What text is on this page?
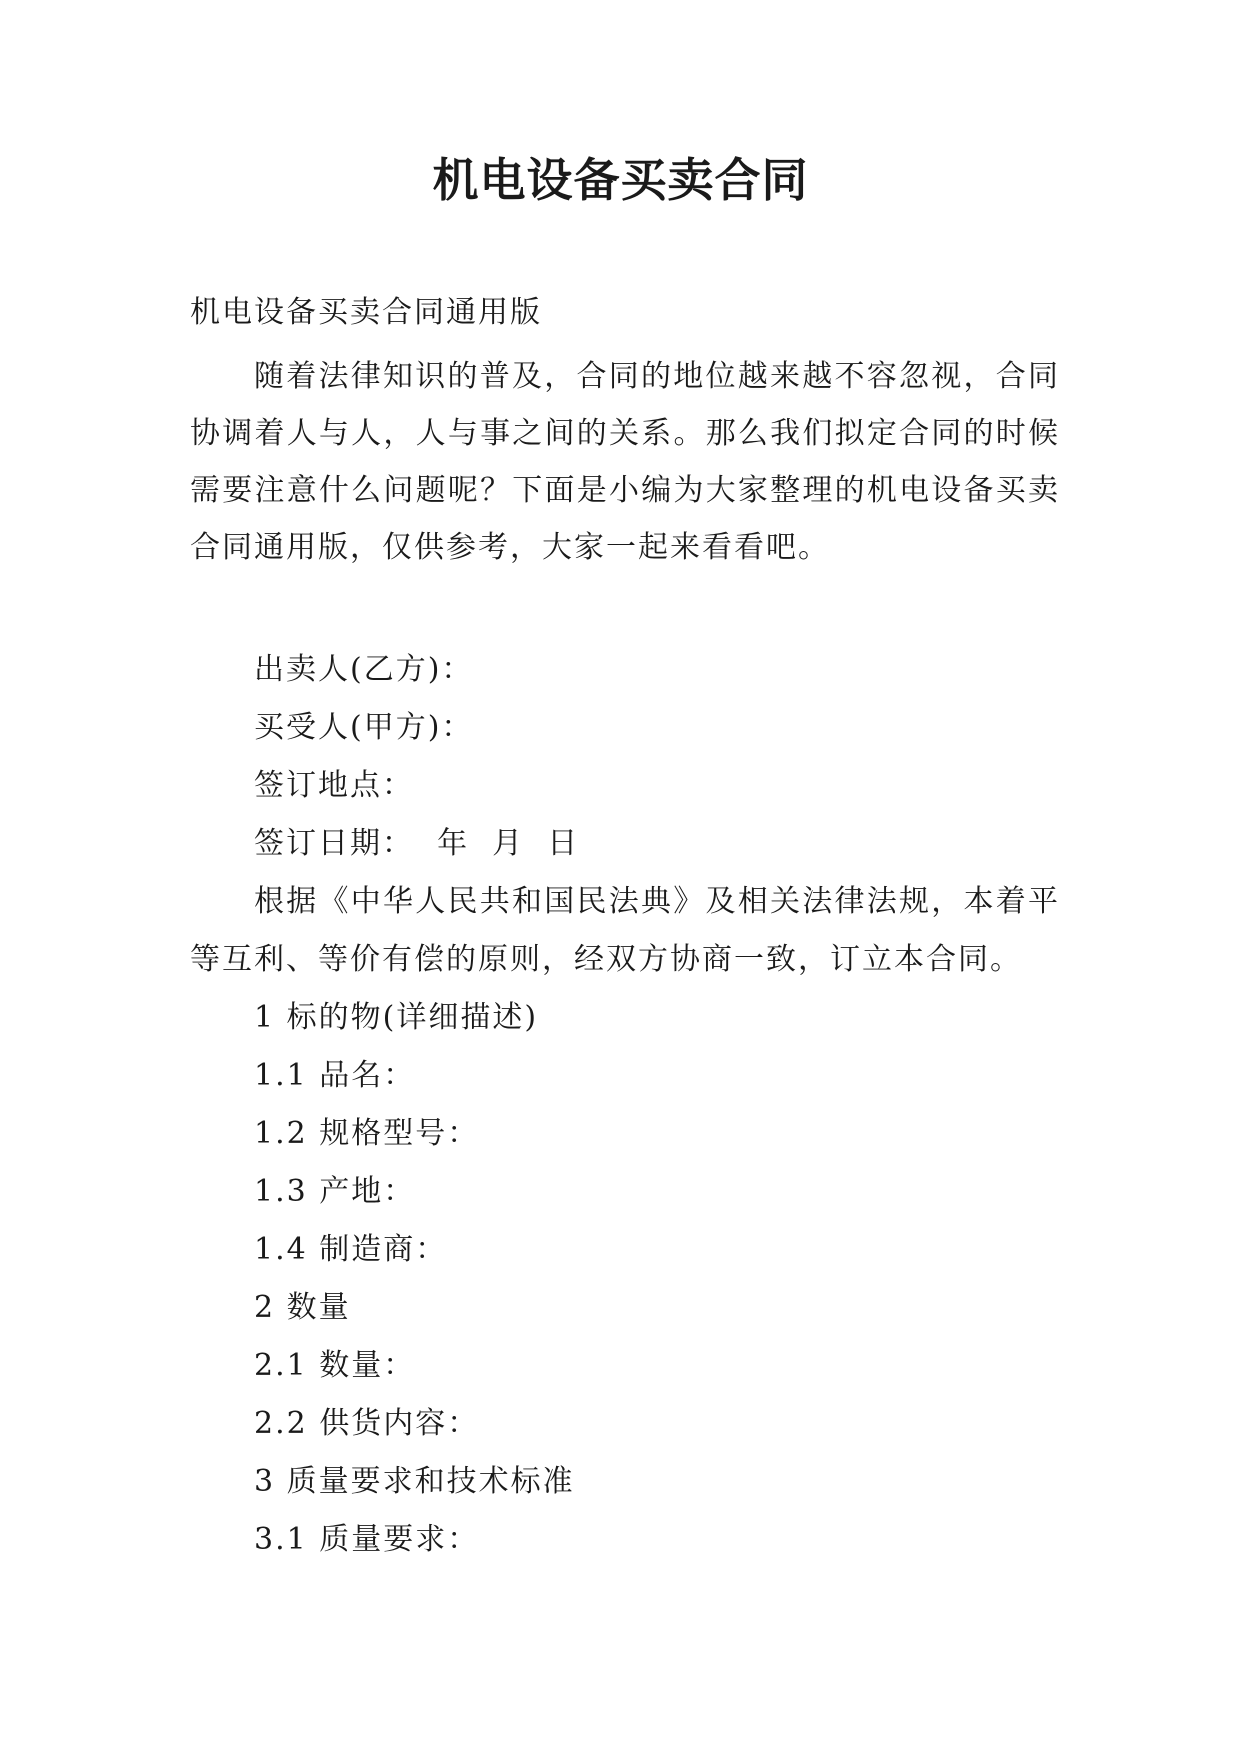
机电设备买卖合同
机电设备买卖合同通用版

随着法律知识的普及，合同的地位越来越不容忽视，合同协调着人与人，人与事之间的关系。那么我们拟定合同的时候需要注意什么问题呢？下面是小编为大家整理的机电设备买卖合同通用版，仅供参考，大家一起来看看吧。

出卖人(乙方)：
买受人(甲方)：
签订地点：
签订日期：  年  月  日

根据《中华人民共和国民法典》及相关法律法规，本着平等互利、等价有偿的原则，经双方协商一致，订立本合同。

1 标的物(详细描述)
1.1 品名：
1.2 规格型号：
1.3 产地：
1.4 制造商：
2 数量
2.1 数量：
2.2 供货内容：
3 质量要求和技术标准
3.1 质量要求：
